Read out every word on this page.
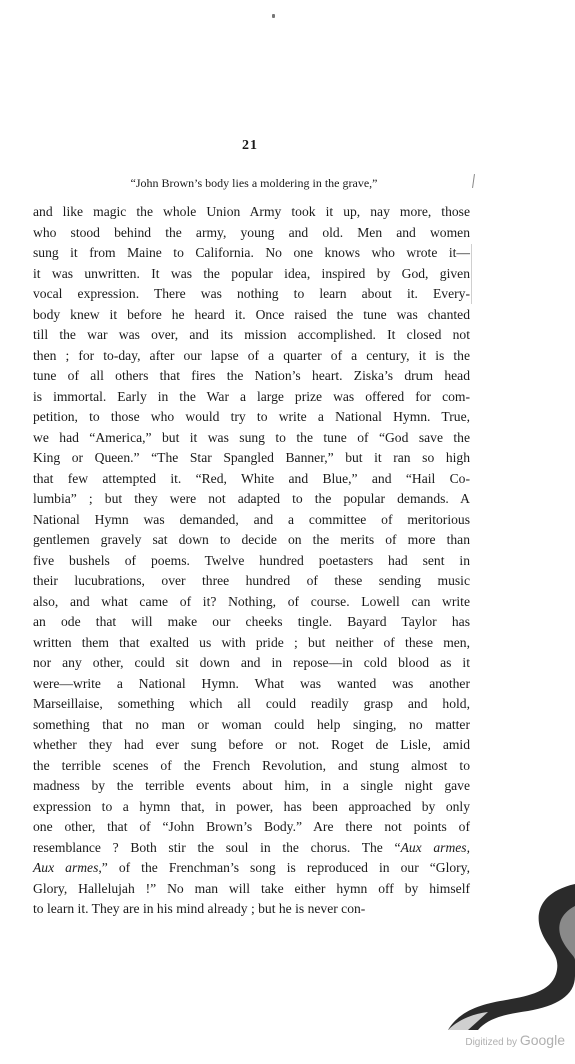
21
“John Brown’s body lies a moldering in the grave,”
and like magic the whole Union Army took it up, nay more, those
who stood behind the army, young and old. Men and women
sung it from Maine to California. No one knows who wrote it—
it was unwritten. It was the popular idea, inspired by God, given
vocal expression. There was nothing to learn about it. Every-
body knew it before he heard it. Once raised the tune was chanted
till the war was over, and its mission accomplished. It closed not
then ; for to-day, after our lapse of a quarter of a century, it is the
tune of all others that fires the Nation’s heart. Ziska’s drum head
is immortal. Early in the War a large prize was offered for com-
petition, to those who would try to write a National Hymn. True,
we had “America,” but it was sung to the tune of “God save the
King or Queen.” “The Star Spangled Banner,” but it ran so high
that few attempted it. “Red, White and Blue,” and “Hail Co-
lumbia” ; but they were not adapted to the popular demands. A
National Hymn was demanded, and a committee of meritorious
gentlemen gravely sat down to decide on the merits of more than
five bushels of poems. Twelve hundred poetasters had sent in
their lucubrations, over three hundred of these sending music
also, and what came of it? Nothing, of course. Lowell can write
an ode that will make our cheeks tingle. Bayard Taylor has
written them that exalted us with pride ; but neither of these men,
nor any other, could sit down and in repose—in cold blood as it
were—write a National Hymn. What was wanted was another
Marseillaise, something which all could readily grasp and hold,
something that no man or woman could help singing, no matter
whether they had ever sung before or not. Roget de Lisle, amid
the terrible scenes of the French Revolution, and stung almost to
madness by the terrible events about him, in a single night gave
expression to a hymn that, in power, has been approached by only
one other, that of “John Brown’s Body.” Are there not points of
resemblance ? Both stir the soul in the chorus. The “Aux armes,
Aux armes,” of the Frenchman’s song is reproduced in our “Glory,
Glory, Hallelujah !” No man will take either hymn off by himself
to learn it. They are in his mind already ; but he is never con-
Digitized by Google
